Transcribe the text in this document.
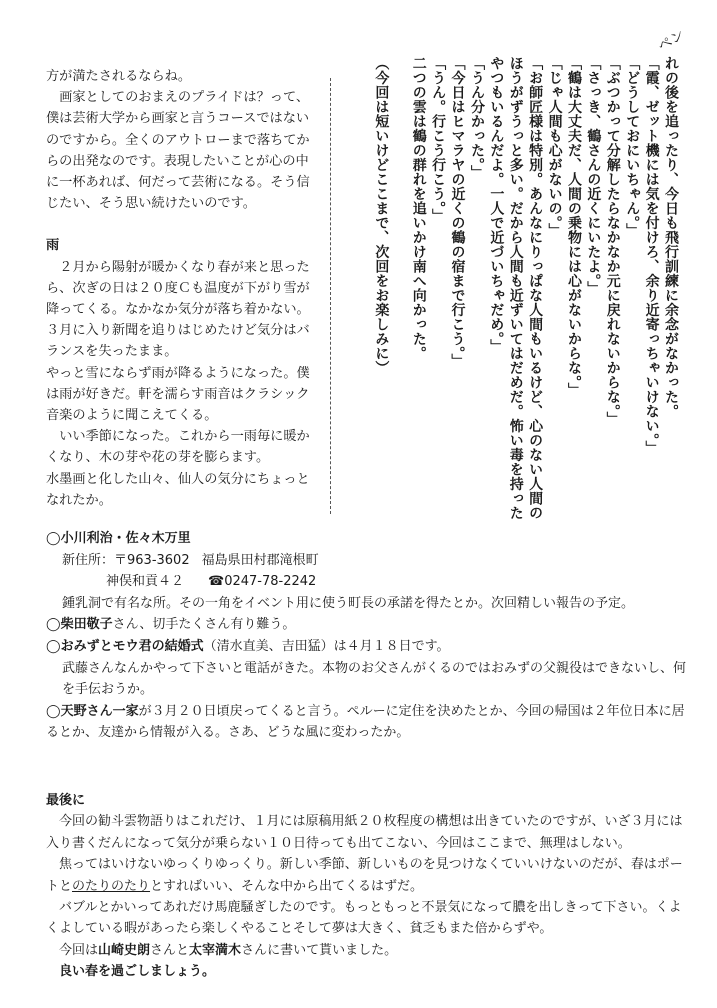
方が満たされるならね。

画家としてのおまえのプライドは？って、僕は芸術大学から画家と言うコースではないのですから。全くのアウトローまで落ちてからの出発なのです。表現したいことが心の中に一杯あれば、何だって芸術になる。そう信じたい、そう思い続けたいのです。

雨

２月から陽射が暖かくなり春が来と思ったら、次ぎの日は２０度Ｃも温度が下がり雪が降ってくる。なかなか気分が落ち着かない。３月に入り新聞を追りはじめたけど気分はバランスを失ったまま。

やっと雪にならず雨が降るようになった。僕は雨が好きだ。軒を濡らす雨音はクラシック音楽のように聞こえてくる。

いい季節になった。これから一雨毎に暖かくなり、木の芽や花の芽を膨らます。

水墨画と化した山々、仙人の気分にちょっとなれたか。

ペン

れの後を追ったり、今日も飛行訓練に余念がなかった。

「霞、ゼット機には気を付けろ、余り近寄っちゃいけない。」

「どうしておにいちゃん。」

「ぶつかって分解したらなかなか元に戻れないからな。」

「さっき、鶴さんの近くにいたよ。」

「鶴は大丈夫だ、人間の乗物には心がないからな。」

「じゃ人間も心がないの。」

「お師匠様は特別。あんなにりっぱな人間もいるけど、心のない人間のほうがずうっと多い。だから人間も近ずいてはだめだ。怖い毒を持ったやつもいるんだよ。一人で近づいちゃだめ。」

「うん分かった。」

「今日はヒマラヤの近くの鶴の宿まで行こう。」

「うん。行こう行こう。」

二つの雲は鶴の群れを追いかけ南へ向かった。

（今回は短いけどここまで、次回をお楽しみに）

◯小川利治・佐々木万里

新住所：〒963-3602 福島県田村郡滝根町

神俣和貢４２ ☎0247-78-2242

鍾乳洞で有名な所。その一角をイベント用に使う町長の承諾を得たとか。次回精しい報告の予定。

◯柴田敬子さん、切手たくさん有り難う。

◯おみずとモウ君の結婚式（清水直美、吉田猛）は４月１８日です。

武藤さんなんかやって下さいと電話がきた。本物のお父さんがくるのではおみずの父親役はできないし、何を手伝おうか。

◯天野さん一家が３月２０日頃戻ってくると言う。ペルーに定住を決めたとか、今回の帰国は２年位日本に居るとか、友達から情報が入る。さあ、どうな風に変わったか。

最後に

今回の勧斗雲物語りはこれだけ、１月には原稿用紙２０枚程度の構想は出きていたのですが、いざ３月には入り書くだんになって気分が乗らない１０日待っても出てこない、今回はここまで、無理はしない。

焦ってはいけないゆっくりゆっくり。新しい季節、新しいものを見つけなくていいけないのだが、春はポートとのたりのたりとすればいい、そんな中から出てくるはずだ。

バブルとかいってあれだけ馬鹿騒ぎしたのです。もっともっと不景気になって膿を出しきって下さい。くよくよしている暇があったら楽しくやることそして夢は大きく、貧乏もまた倍からずや。

今回は山崎史朗さんと太宰満木さんに書いて貰いました。

良い春を過ごしましょう。
